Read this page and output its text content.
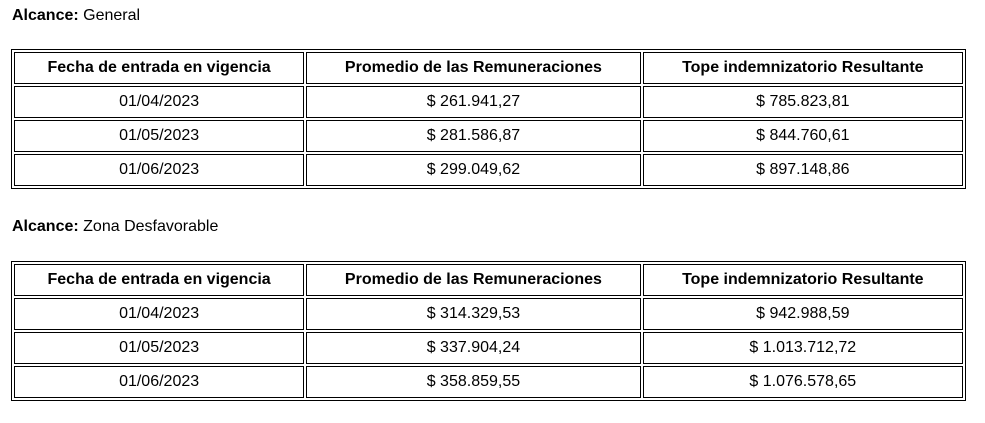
Alcance: General

Fecha de entrada en vigencia	Promedio de las Remuneraciones	Tope indemnizatorio Resultante
01/04/2023	$ 261.941,27	$ 785.823,81
01/05/2023	$ 281.586,87	$ 844.760,61
01/06/2023	$ 299.049,62	$ 897.148,86

Alcance: Zona Desfavorable

Fecha de entrada en vigencia	Promedio de las Remuneraciones	Tope indemnizatorio Resultante
01/04/2023	$ 314.329,53	$ 942.988,59
01/05/2023	$ 337.904,24	$ 1.013.712,72
01/06/2023	$ 358.859,55	$ 1.076.578,65
